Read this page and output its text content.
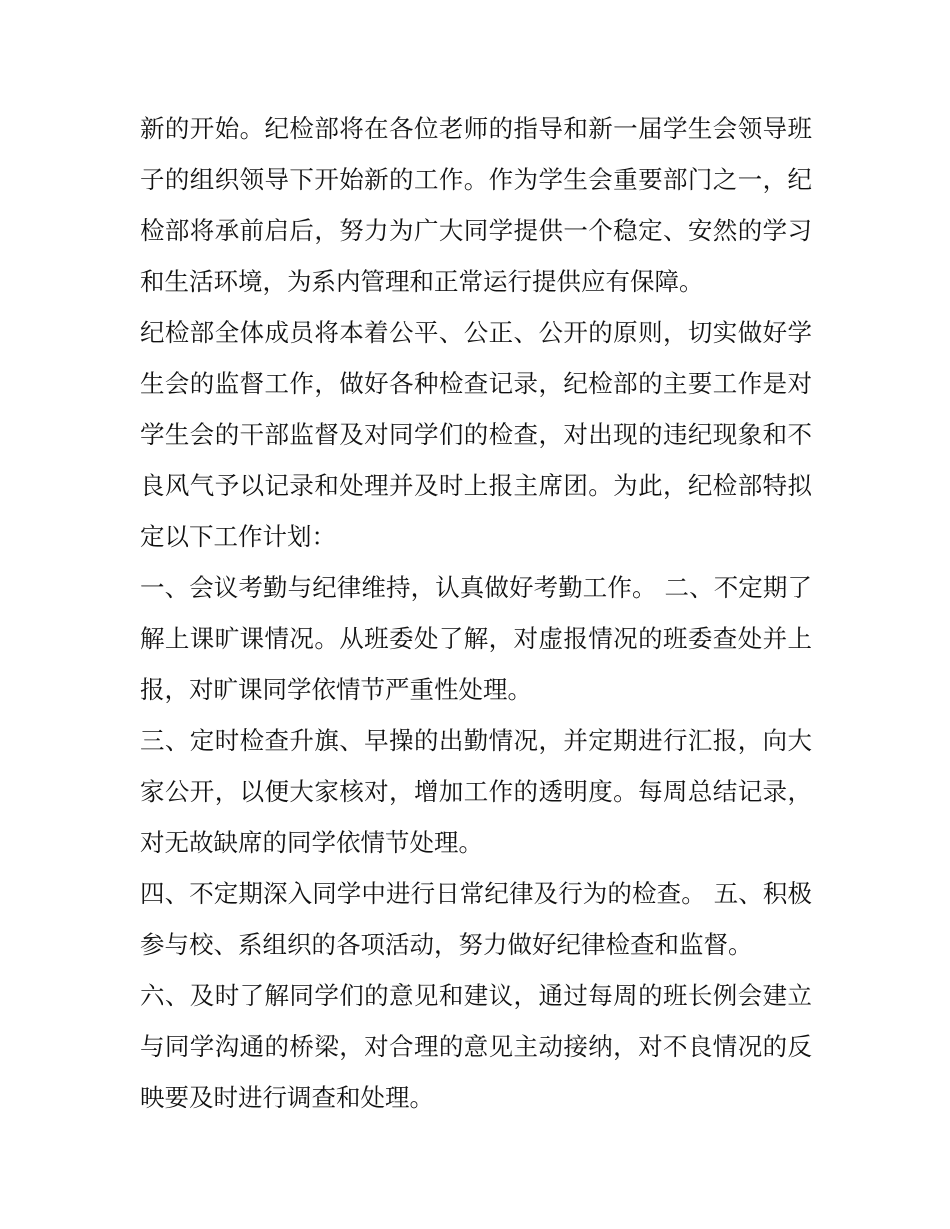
新的开始。纪检部将在各位老师的指导和新一届学生会领导班子的组织领导下开始新的工作。作为学生会重要部门之一，纪检部将承前启后，努力为广大同学提供一个稳定、安然的学习和生活环境，为系内管理和正常运行提供应有保障。

纪检部全体成员将本着公平、公正、公开的原则，切实做好学生会的监督工作，做好各种检查记录，纪检部的主要工作是对学生会的干部监督及对同学们的检查，对出现的违纪现象和不良风气予以记录和处理并及时上报主席团。为此，纪检部特拟定以下工作计划：

一、会议考勤与纪律维持，认真做好考勤工作。 二、不定期了解上课旷课情况。从班委处了解，对虚报情况的班委查处并上报，对旷课同学依情节严重性处理。

三、定时检查升旗、早操的出勤情况，并定期进行汇报，向大家公开，以便大家核对，增加工作的透明度。每周总结记录，对无故缺席的同学依情节处理。

四、不定期深入同学中进行日常纪律及行为的检查。 五、积极参与校、系组织的各项活动，努力做好纪律检查和监督。

六、及时了解同学们的意见和建议，通过每周的班长例会建立与同学沟通的桥梁，对合理的意见主动接纳，对不良情况的反映要及时进行调查和处理。
